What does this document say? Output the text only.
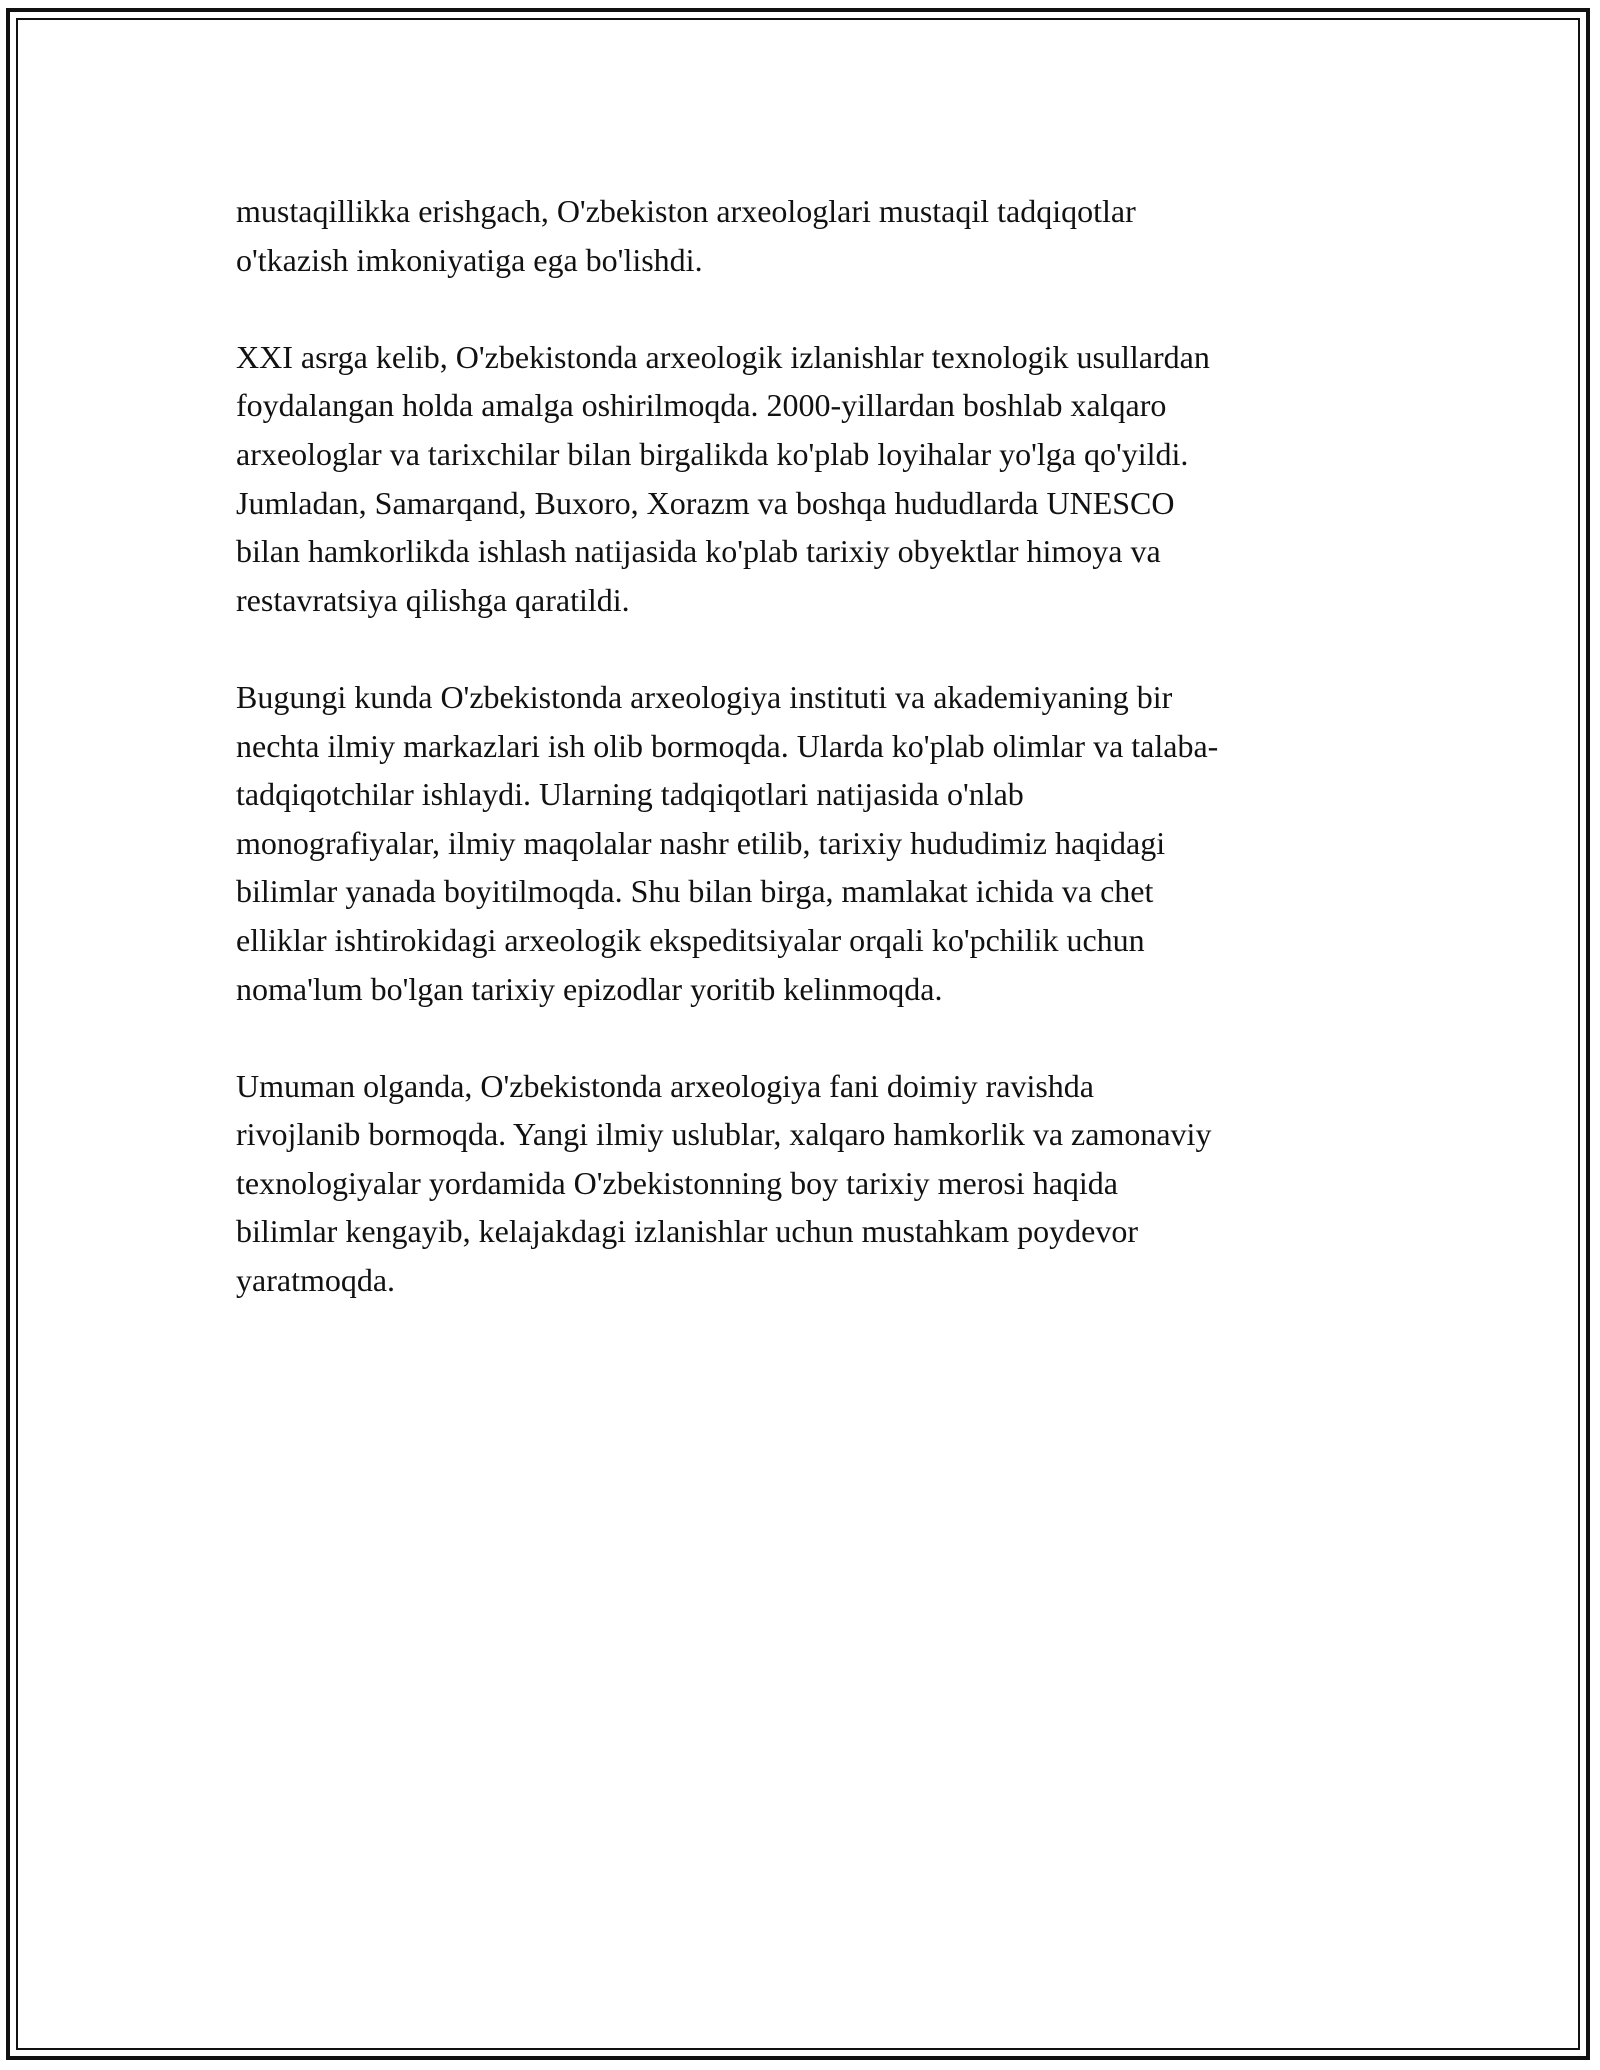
mustaqillikka erishgach, O'zbekiston arxeologlari mustaqil tadqiqotlar
o'tkazish imkoniyatiga ega bo'lishdi.

XXI asrga kelib, O'zbekistonda arxeologik izlanishlar texnologik usullardan
foydalangan holda amalga oshirilmoqda. 2000-yillardan boshlab xalqaro
arxeologlar va tarixchilar bilan birgalikda ko'plab loyihalar yo'lga qo'yildi.
Jumladan, Samarqand, Buxoro, Xorazm va boshqa hududlarda UNESCO
bilan hamkorlikda ishlash natijasida ko'plab tarixiy obyektlar himoya va
restavratsiya qilishga qaratildi.

Bugungi kunda O'zbekistonda arxeologiya instituti va akademiyaning bir
nechta ilmiy markazlari ish olib bormoqda. Ularda ko'plab olimlar va talaba-
tadqiqotchilar ishlaydi. Ularning tadqiqotlari natijasida o'nlab
monografiyalar, ilmiy maqolalar nashr etilib, tarixiy hududimiz haqidagi
bilimlar yanada boyitilmoqda. Shu bilan birga, mamlakat ichida va chet
elliklar ishtirokidagi arxeologik ekspeditsiyalar orqali ko'pchilik uchun
noma'lum bo'lgan tarixiy epizodlar yoritib kelinmoqda.

Umuman olganda, O'zbekistonda arxeologiya fani doimiy ravishda
rivojlanib bormoqda. Yangi ilmiy uslublar, xalqaro hamkorlik va zamonaviy
texnologiyalar yordamida O'zbekistonning boy tarixiy merosi haqida
bilimlar kengayib, kelajakdagi izlanishlar uchun mustahkam poydevor
yaratmoqda.
